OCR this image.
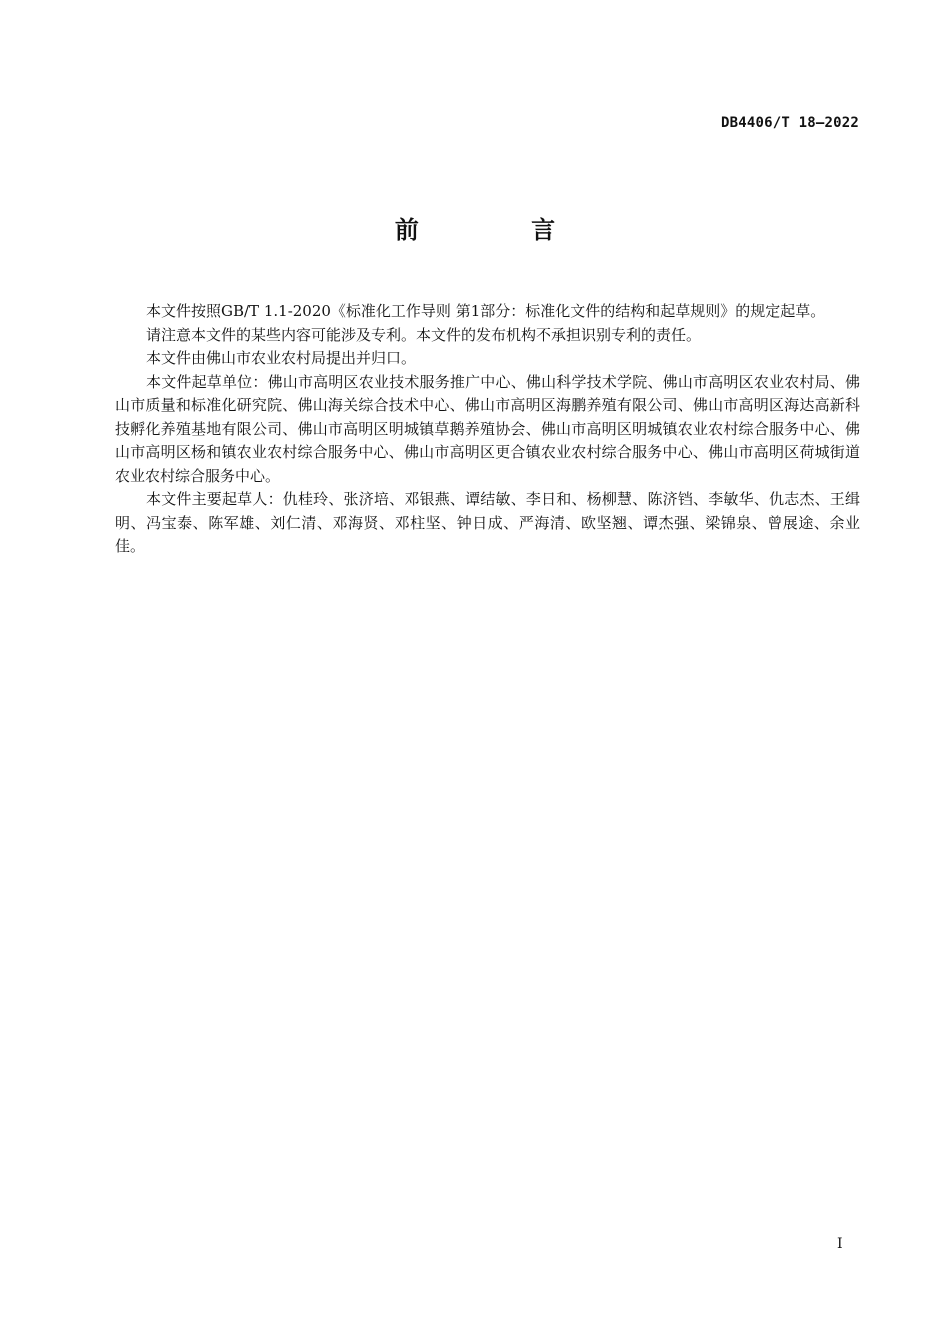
DB4406/T 18—2022
前 言

本文件按照GB/T 1.1-2020《标准化工作导则 第1部分：标准化文件的结构和起草规则》的规定起草。

请注意本文件的某些内容可能涉及专利。本文件的发布机构不承担识别专利的责任。

本文件由佛山市农业农村局提出并归口。

本文件起草单位：佛山市高明区农业技术服务推广中心、佛山科学技术学院、佛山市高明区农业农村局、佛山市质量和标准化研究院、佛山海关综合技术中心、佛山市高明区海鹏养殖有限公司、佛山市高明区海达高新科技孵化养殖基地有限公司、佛山市高明区明城镇草鹅养殖协会、佛山市高明区明城镇农业农村综合服务中心、佛山市高明区杨和镇农业农村综合服务中心、佛山市高明区更合镇农业农村综合服务中心、佛山市高明区荷城街道农业农村综合服务中心。

本文件主要起草人：仇桂玲、张济培、邓银燕、谭结敏、李日和、杨柳慧、陈济铛、李敏华、仇志杰、王缉明、冯宝泰、陈军雄、刘仁清、邓海贤、邓柱坚、钟日成、严海清、欧坚翘、谭杰强、梁锦泉、曾展途、余业佳。

I
